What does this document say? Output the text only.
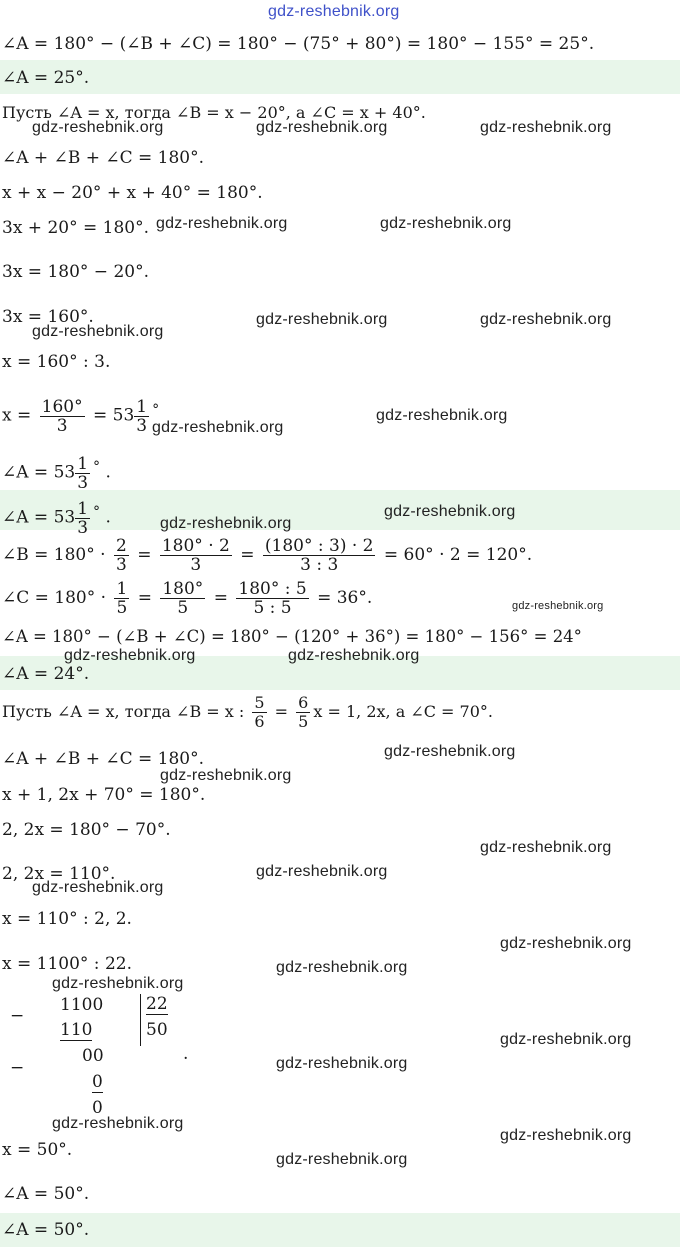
∠A = 180° − (∠B + ∠C) = 180° − (75° + 80°) = 180° − 155° = 25°.
∠A = 25°.
Пусть ∠A = x, тогда ∠B = x − 20°, а ∠C = x + 40°.
∠A + ∠B + ∠C = 180°.
x + x − 20° + x + 40° = 180°.
3x + 20° = 180°.
3x = 180° − 20°.
3x = 160°.
x = 160° : 3.
$x = \frac{160^\circ}{3} = 53 \frac{1}{3} ^\circ$
∠A = $53 \frac{1}{3} ^\circ$ .
∠A = $53 \frac{1}{3} ^\circ$ .
∠B = $180^\circ \cdot \frac{2}{3} = \frac{180^\circ \cdot 2}{3} = \frac{(180^\circ : 3) \cdot 2}{3 : 3} = 60^\circ \cdot 2 = 120^\circ$.
∠C = $180^\circ \cdot \frac{1}{5} = \frac{180^\circ}{5} = \frac{180^\circ : 5}{5 : 5} = 36^\circ$.
∠A = 180° − (∠B + ∠C) = 180° − (120° + 36°) = 180° − 156° = 24°
∠A = 24°.
Пусть ∠A = x, тогда ∠B = x : $\frac{5}{6} = \frac{6}{5}$ x = 1, 2x, а ∠C = 70°.
∠A + ∠B + ∠C = 180°.
x + 1, 2x + 70° = 180°.
2, 2x = 180° − 70°.
2, 2x = 110°.
x = 110° : 2, 2.
x = 1100° : 22.
−
1100	22
110	50
00	.
−
0
0
x = 50°.
∠A = 50°.
∠A = 50°.
gdz-reshebnik.org
gdz-reshebnik.org	gdz-reshebnik.org	gdz-reshebnik.org
gdz-reshebnik.org	gdz-reshebnik.org
gdz-reshebnik.org
gdz-reshebnik.org	gdz-reshebnik.org
gdz-reshebnik.org
gdz-reshebnik.org
gdz-reshebnik.org
gdz-reshebnik.org
gdz-reshebnik.org
gdz-reshebnik.org	gdz-reshebnik.org
gdz-reshebnik.org
gdz-reshebnik.org
gdz-reshebnik.org
gdz-reshebnik.org
gdz-reshebnik.org
gdz-reshebnik.org
gdz-reshebnik.org
gdz-reshebnik.org
gdz-reshebnik.org
gdz-reshebnik.org
gdz-reshebnik.org
gdz-reshebnik.org
gdz-reshebnik.org
